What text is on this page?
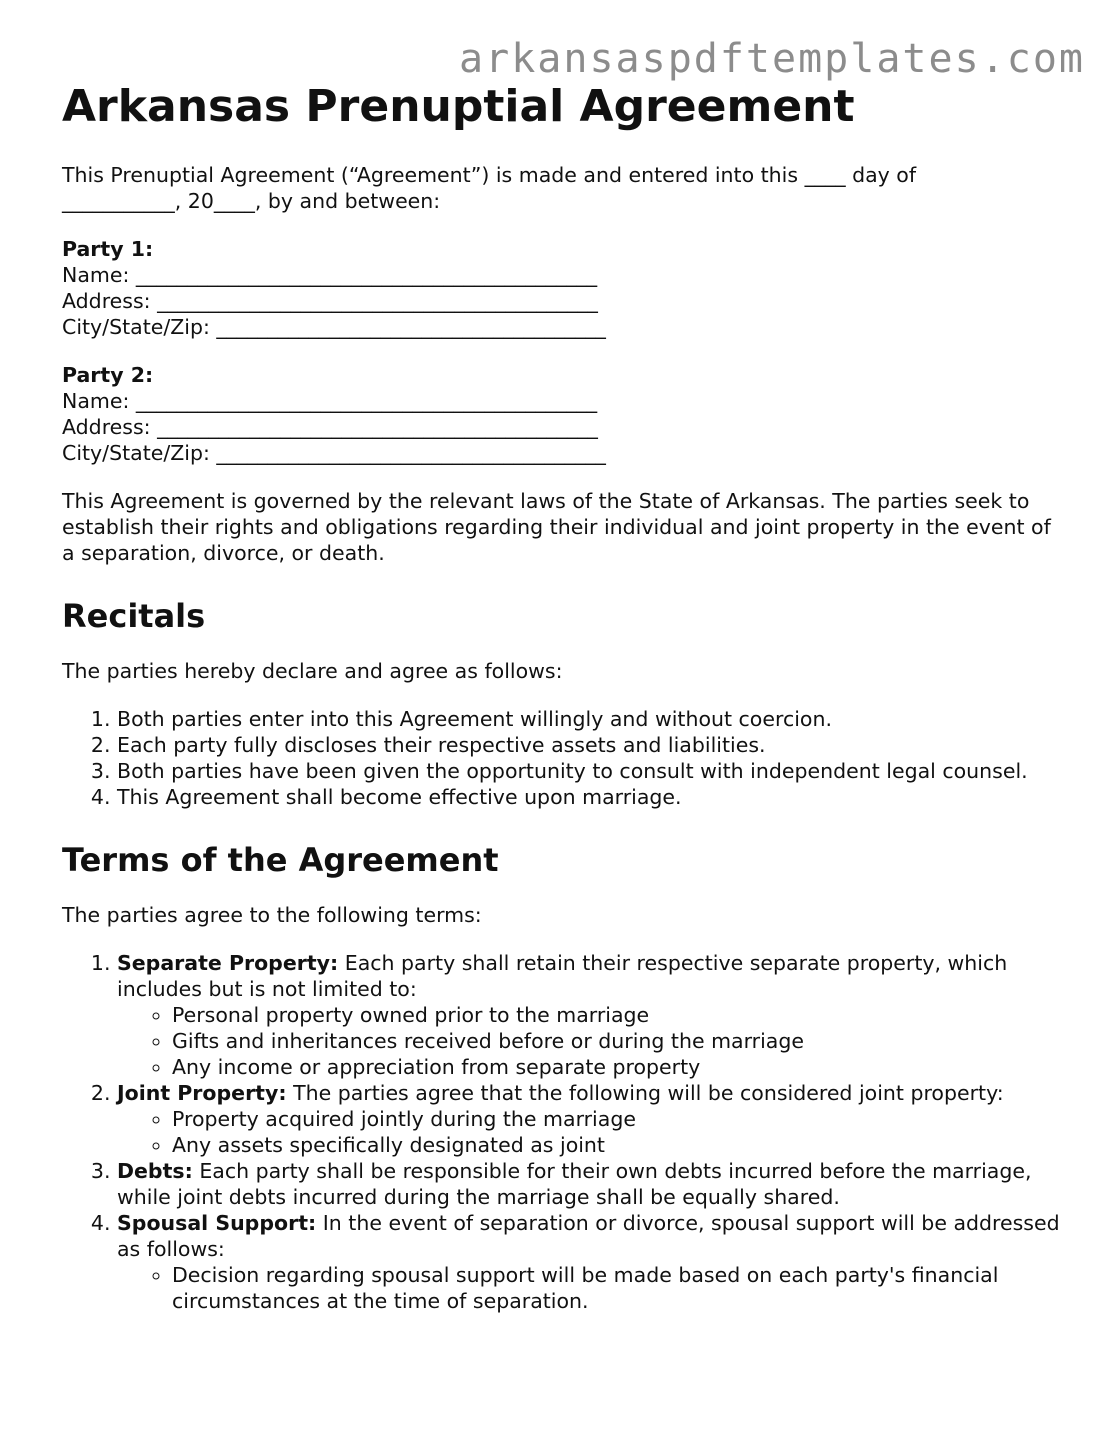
arkansaspdftemplates.com
Arkansas Prenuptial Agreement

This Prenuptial Agreement (“Agreement”) is made and entered into this ____ day of
___________, 20____, by and between:

Party 1:
Name: _____________________________________________
Address: ___________________________________________
City/State/Zip: ______________________________________
Party 2:
Name: _____________________________________________
Address: ___________________________________________
City/State/Zip: ______________________________________

This Agreement is governed by the relevant laws of the State of Arkansas. The parties seek to establish their rights and obligations regarding their individual and joint property in the event of a separation, divorce, or death.

Recitals

The parties hereby declare and agree as follows:

1. Both parties enter into this Agreement willingly and without coercion.
2. Each party fully discloses their respective assets and liabilities.
3. Both parties have been given the opportunity to consult with independent legal counsel.
4. This Agreement shall become effective upon marriage.
Terms of the Agreement

The parties agree to the following terms:

1. Separate Property: Each party shall retain their respective separate property, which includes but is not limited to:
◦ Personal property owned prior to the marriage
◦ Gifts and inheritances received before or during the marriage
◦ Any income or appreciation from separate property
2. Joint Property: The parties agree that the following will be considered joint property:
◦ Property acquired jointly during the marriage
◦ Any assets specifically designated as joint
3. Debts: Each party shall be responsible for their own debts incurred before the marriage, while joint debts incurred during the marriage shall be equally shared.
4. Spousal Support: In the event of separation or divorce, spousal support will be addressed as follows:
◦ Decision regarding spousal support will be made based on each party's financial circumstances at the time of separation.
